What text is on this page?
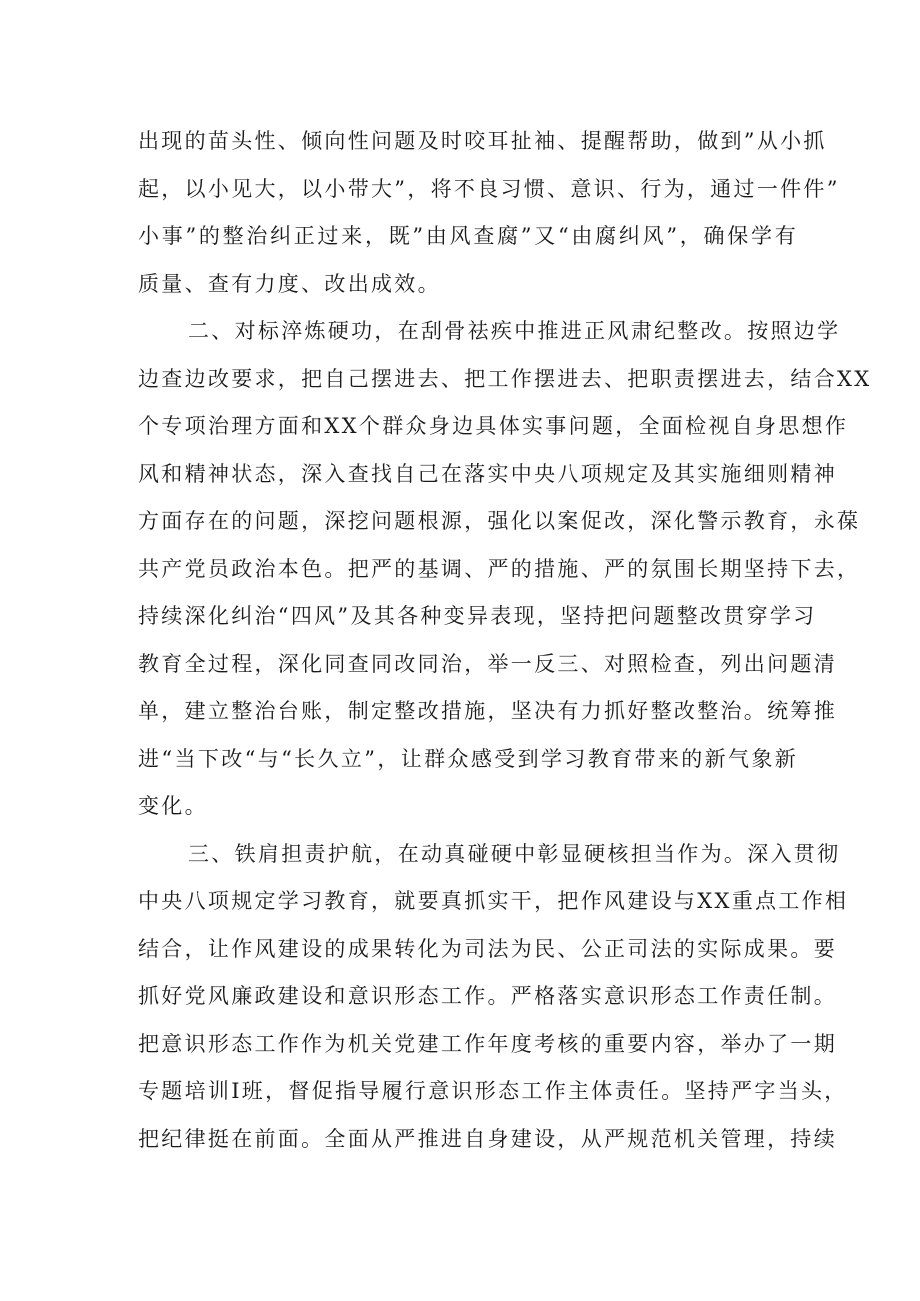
出现的苗头性、倾向性问题及时咬耳扯袖、提醒帮助，做到”从小抓
起，以小见大，以小带大”，将不良习惯、意识、行为，通过一件件”
小事”的整治纠正过来，既”由风查腐”又“由腐纠风”，确保学有
质量、查有力度、改出成效。
二、对标淬炼硬功，在刮骨祛疾中推进正风肃纪整改。按照边学
边查边改要求，把自己摆进去、把工作摆进去、把职责摆进去，结合XX
个专项治理方面和XX个群众身边具体实事问题，全面检视自身思想作
风和精神状态，深入查找自己在落实中央八项规定及其实施细则精神
方面存在的问题，深挖问题根源，强化以案促改，深化警示教育，永葆
共产党员政治本色。把严的基调、严的措施、严的氛围长期坚持下去，
持续深化纠治“四风”及其各种变异表现，坚持把问题整改贯穿学习
教育全过程，深化同查同改同治，举一反三、对照检查，列出问题清
单，建立整治台账，制定整改措施，坚决有力抓好整改整治。统筹推
进“当下改“与“长久立”，让群众感受到学习教育带来的新气象新
变化。
三、铁肩担责护航，在动真碰硬中彰显硬核担当作为。深入贯彻
中央八项规定学习教育，就要真抓实干，把作风建设与XX重点工作相
结合，让作风建设的成果转化为司法为民、公正司法的实际成果。要
抓好党风廉政建设和意识形态工作。严格落实意识形态工作责任制。
把意识形态工作作为机关党建工作年度考核的重要内容，举办了一期
专题培训I班，督促指导履行意识形态工作主体责任。坚持严字当头，
把纪律挺在前面。全面从严推进自身建设，从严规范机关管理，持续
